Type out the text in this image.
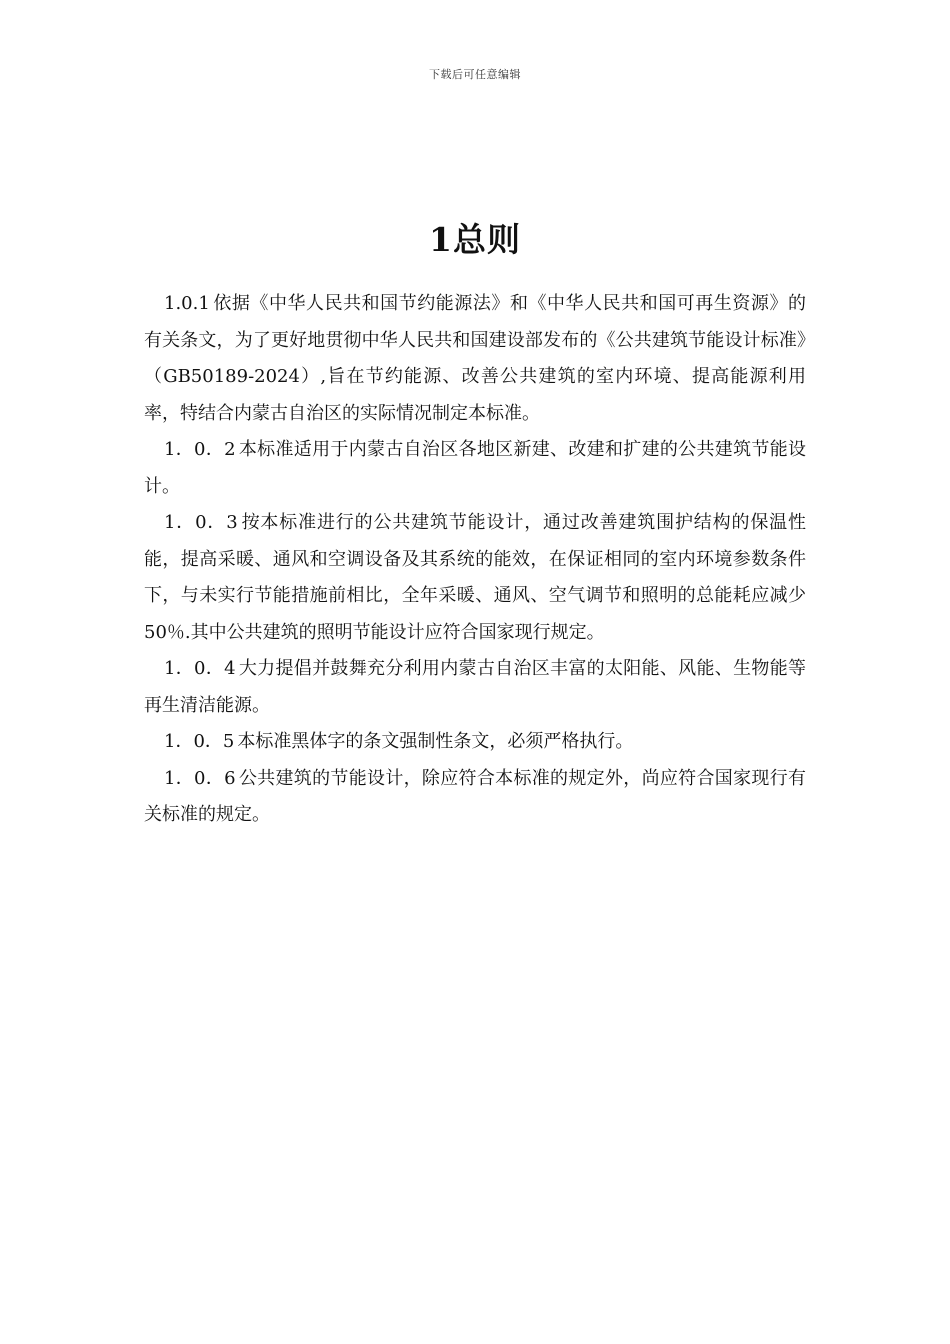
下载后可任意编辑
1总则

1.0.1 依据《中华人民共和国节约能源法》和《中华人民共和国可再生资源》的有关条文，为了更好地贯彻中华人民共和国建设部发布的《公共建筑节能设计标准》（GB50189-2024）,旨在节约能源、改善公共建筑的室内环境、提高能源利用率，特结合内蒙古自治区的实际情况制定本标准。

1．0．2 本标准适用于内蒙古自治区各地区新建、改建和扩建的公共建筑节能设计。

1．0．3 按本标准进行的公共建筑节能设计，通过改善建筑围护结构的保温性能，提高采暖、通风和空调设备及其系统的能效，在保证相同的室内环境参数条件下，与未实行节能措施前相比，全年采暖、通风、空气调节和照明的总能耗应减少50％.其中公共建筑的照明节能设计应符合国家现行规定。

1．0．4 大力提倡并鼓舞充分利用内蒙古自治区丰富的太阳能、风能、生物能等再生清洁能源。

1．0．5 本标准黑体字的条文强制性条文，必须严格执行。

1．0．6 公共建筑的节能设计，除应符合本标准的规定外，尚应符合国家现行有关标准的规定。
